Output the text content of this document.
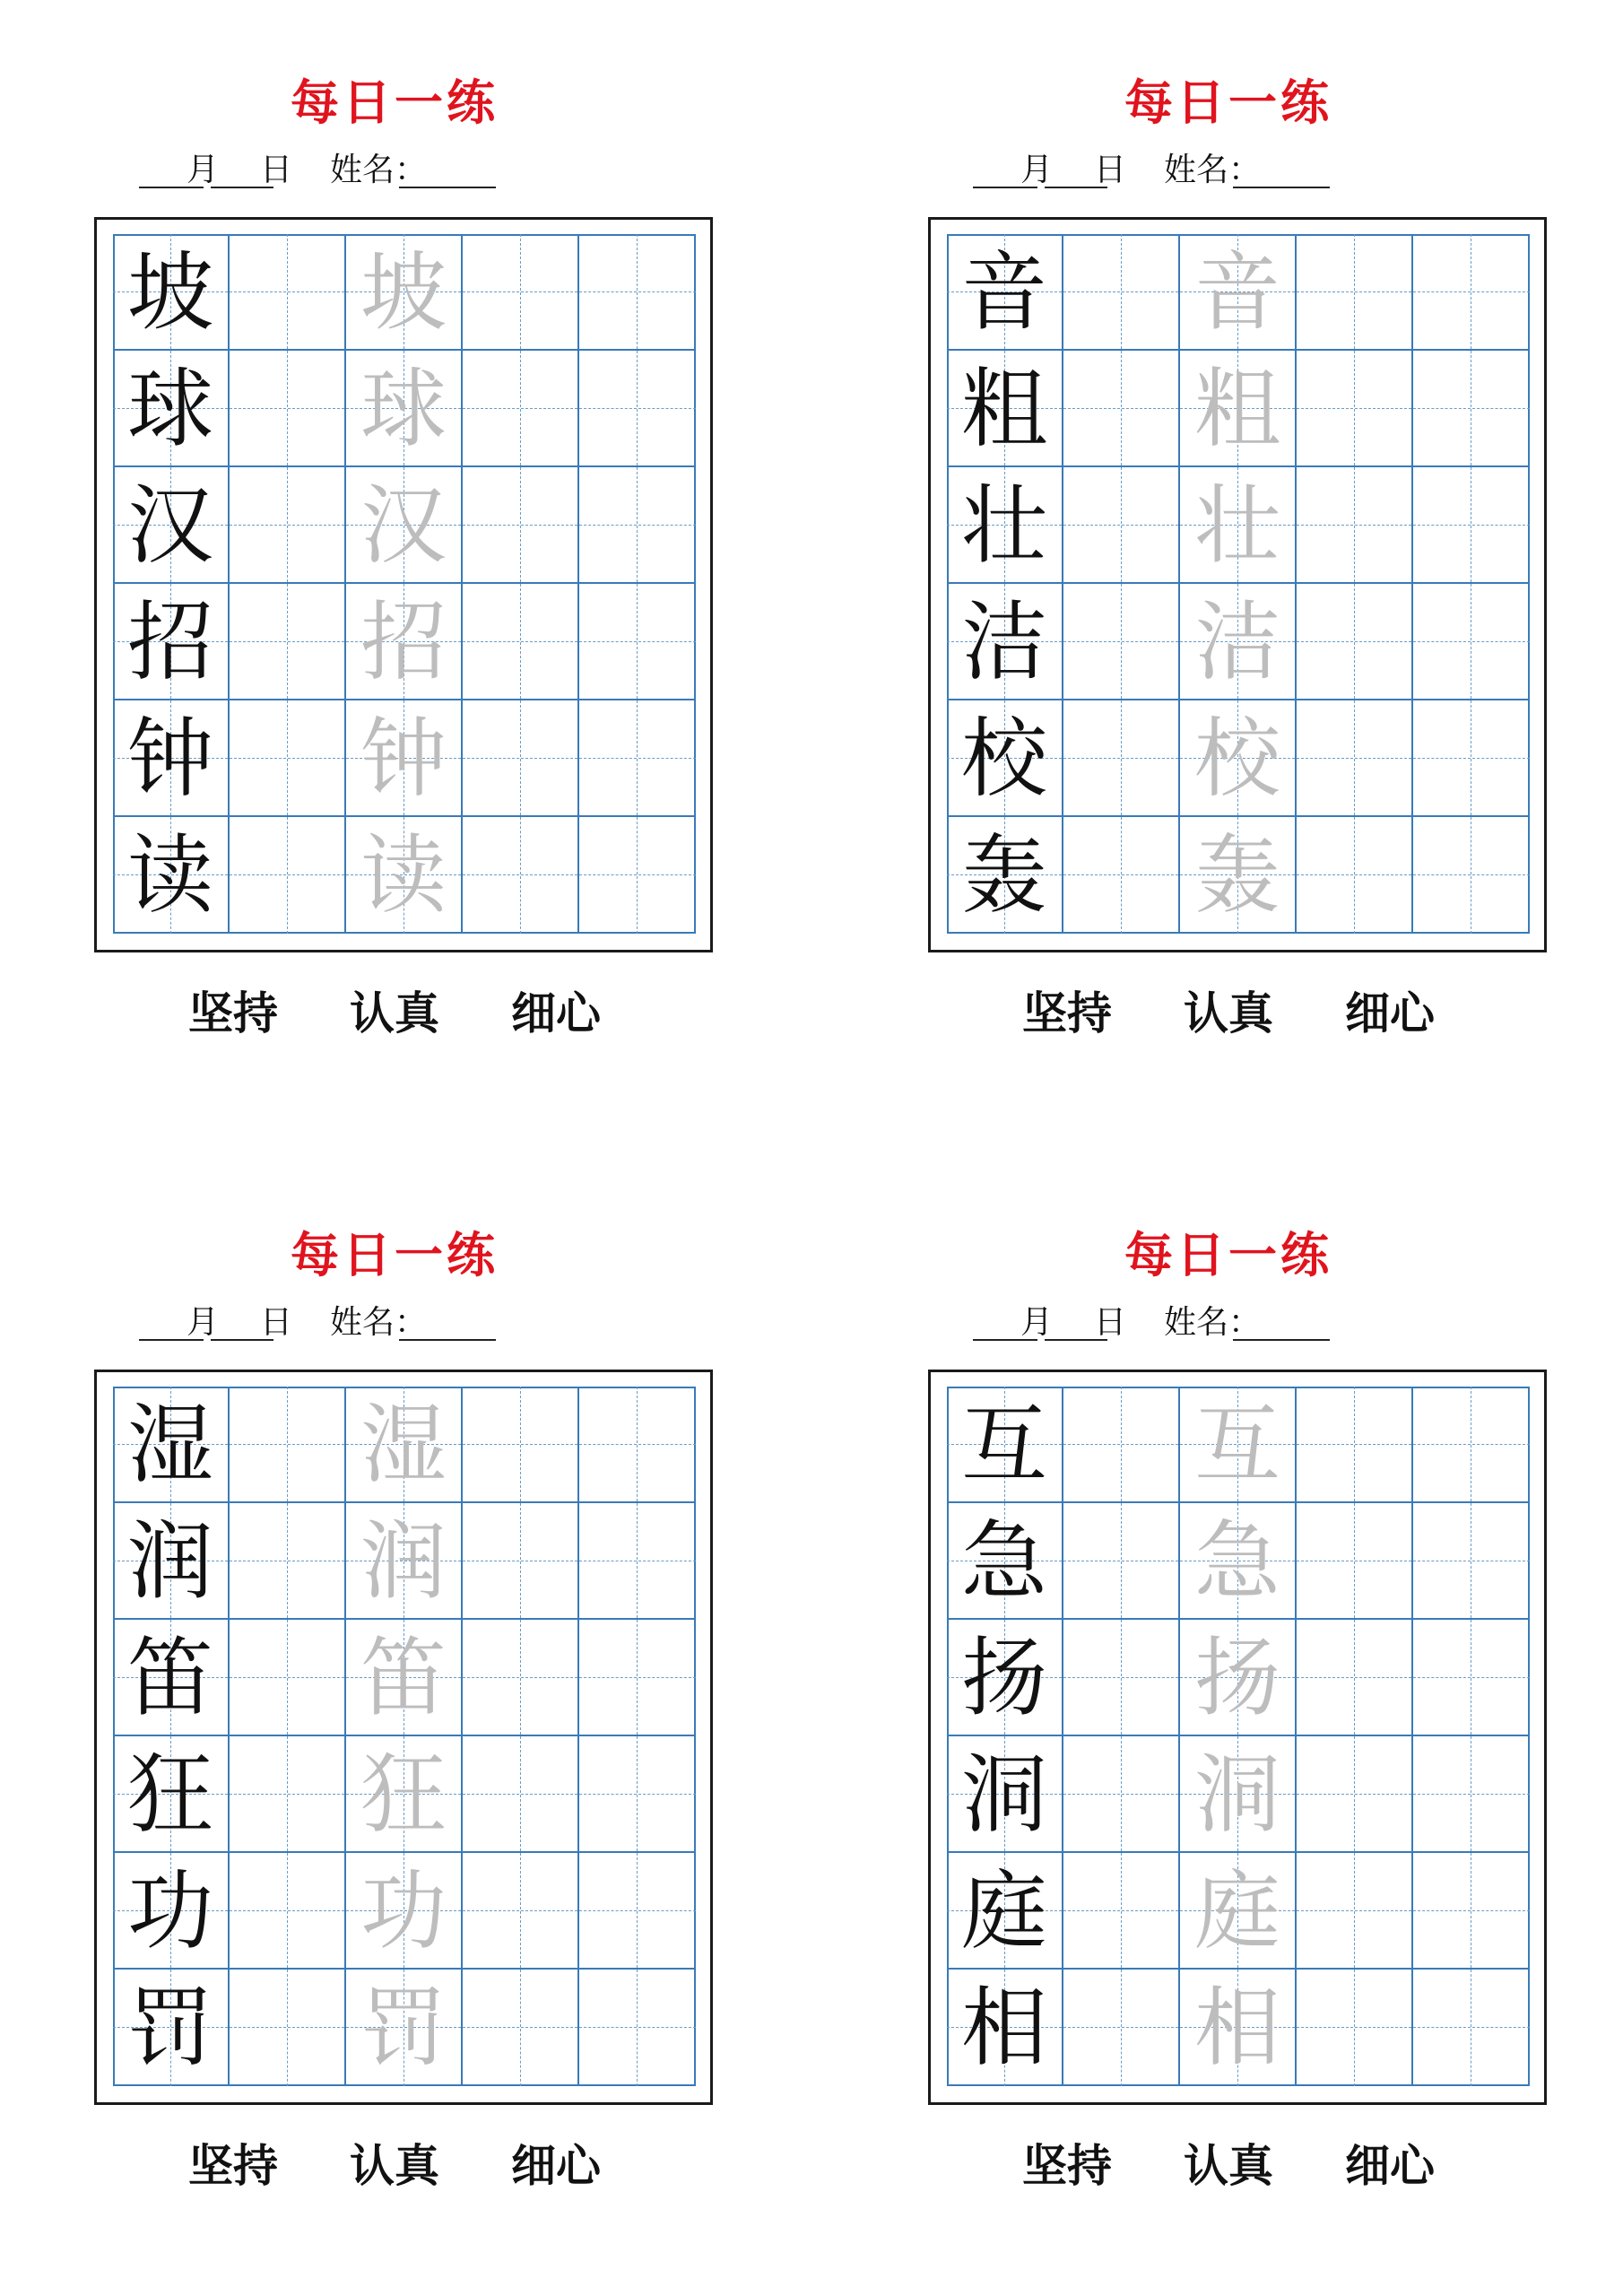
每日一练
月 日 姓名：
坡 坡
球 球
汉 汉
招 招
钟 钟
读 读
坚持 认真 细心
每日一练
月 日 姓名：
音 音
粗 粗
壮 壮
洁 洁
校 校
轰 轰
坚持 认真 细心
每日一练
月 日 姓名：
湿 湿
润 润
笛 笛
狂 狂
功 功
罚 罚
坚持 认真 细心
每日一练
月 日 姓名：
互 互
急 急
扬 扬
洞 洞
庭 庭
相 相
坚持 认真 细心
